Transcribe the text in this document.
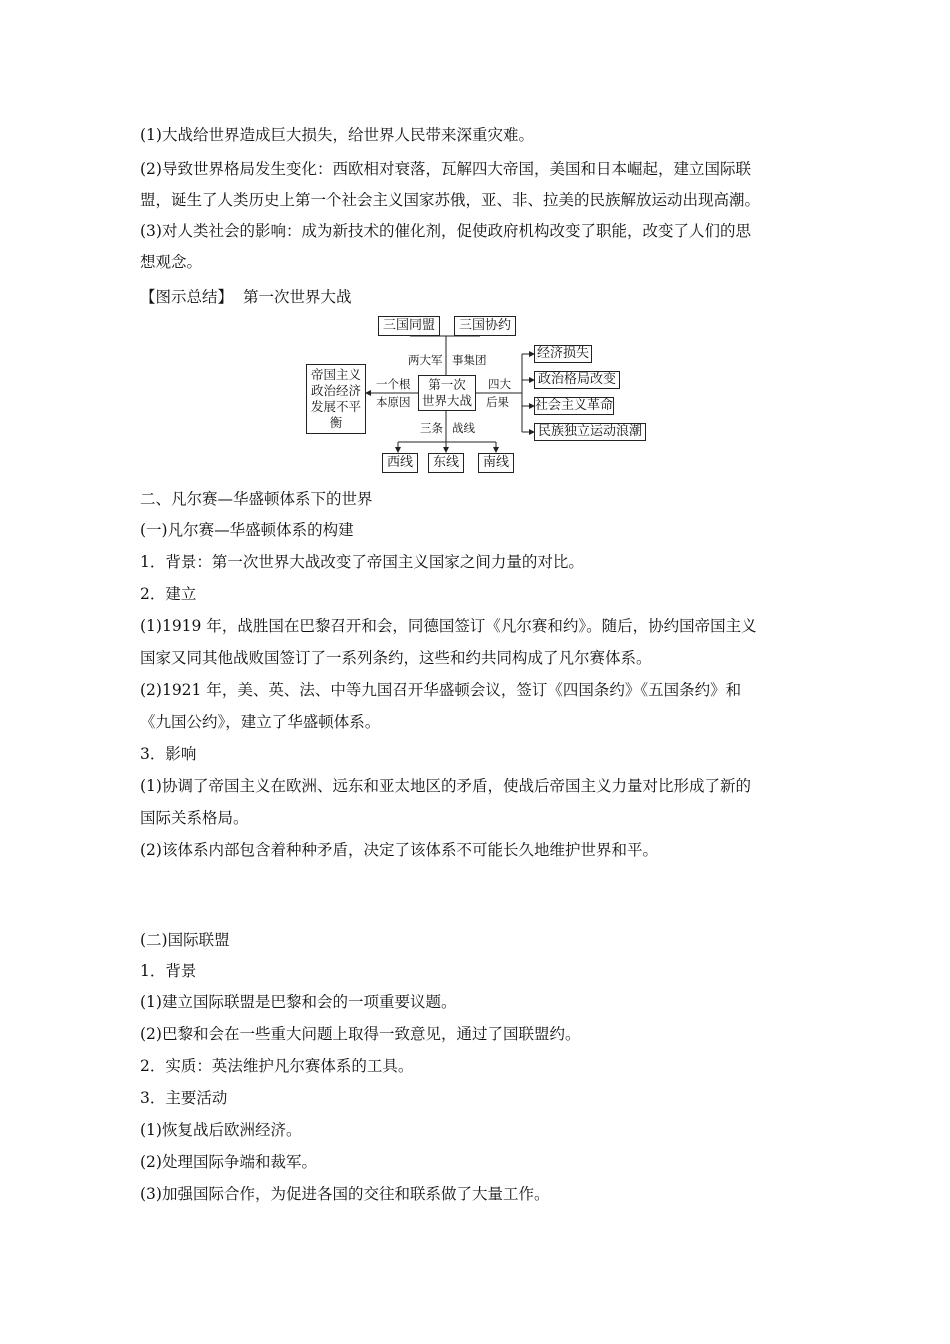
(1)大战给世界造成巨大损失，给世界人民带来深重灾难。
(2)导致世界格局发生变化：西欧相对衰落，瓦解四大帝国，美国和日本崛起，建立国际联
盟，诞生了人类历史上第一个社会主义国家苏俄，亚、非、拉美的民族解放运动出现高潮。
(3)对人类社会的影响：成为新技术的催化剂，促使政府机构改变了职能，改变了人们的思
想观念。
【图示总结】 第一次世界大战
三国同盟	三国协约
两大军 事集团
第一次
世界大战
帝国主义
政治经济
发展不平
衡
一个根
本原因
四大
后果
经济损失
政治格局改变
社会主义革命
民族独立运动浪潮
三条 战线
西线	东线	南线
二、凡尔赛—华盛顿体系下的世界
(一)凡尔赛—华盛顿体系的构建
1．背景：第一次世界大战改变了帝国主义国家之间力量的对比。
2．建立
(1)1919 年，战胜国在巴黎召开和会，同德国签订《凡尔赛和约》。随后，协约国帝国主义
国家又同其他战败国签订了一系列条约，这些和约共同构成了凡尔赛体系。
(2)1921 年，美、英、法、中等九国召开华盛顿会议，签订《四国条约》《五国条约》和
《九国公约》，建立了华盛顿体系。
3．影响
(1)协调了帝国主义在欧洲、远东和亚太地区的矛盾，使战后帝国主义力量对比形成了新的
国际关系格局。
(2)该体系内部包含着种种矛盾，决定了该体系不可能长久地维护世界和平。
(二)国际联盟
1．背景
(1)建立国际联盟是巴黎和会的一项重要议题。
(2)巴黎和会在一些重大问题上取得一致意见，通过了国联盟约。
2．实质：英法维护凡尔赛体系的工具。
3．主要活动
(1)恢复战后欧洲经济。
(2)处理国际争端和裁军。
(3)加强国际合作，为促进各国的交往和联系做了大量工作。
